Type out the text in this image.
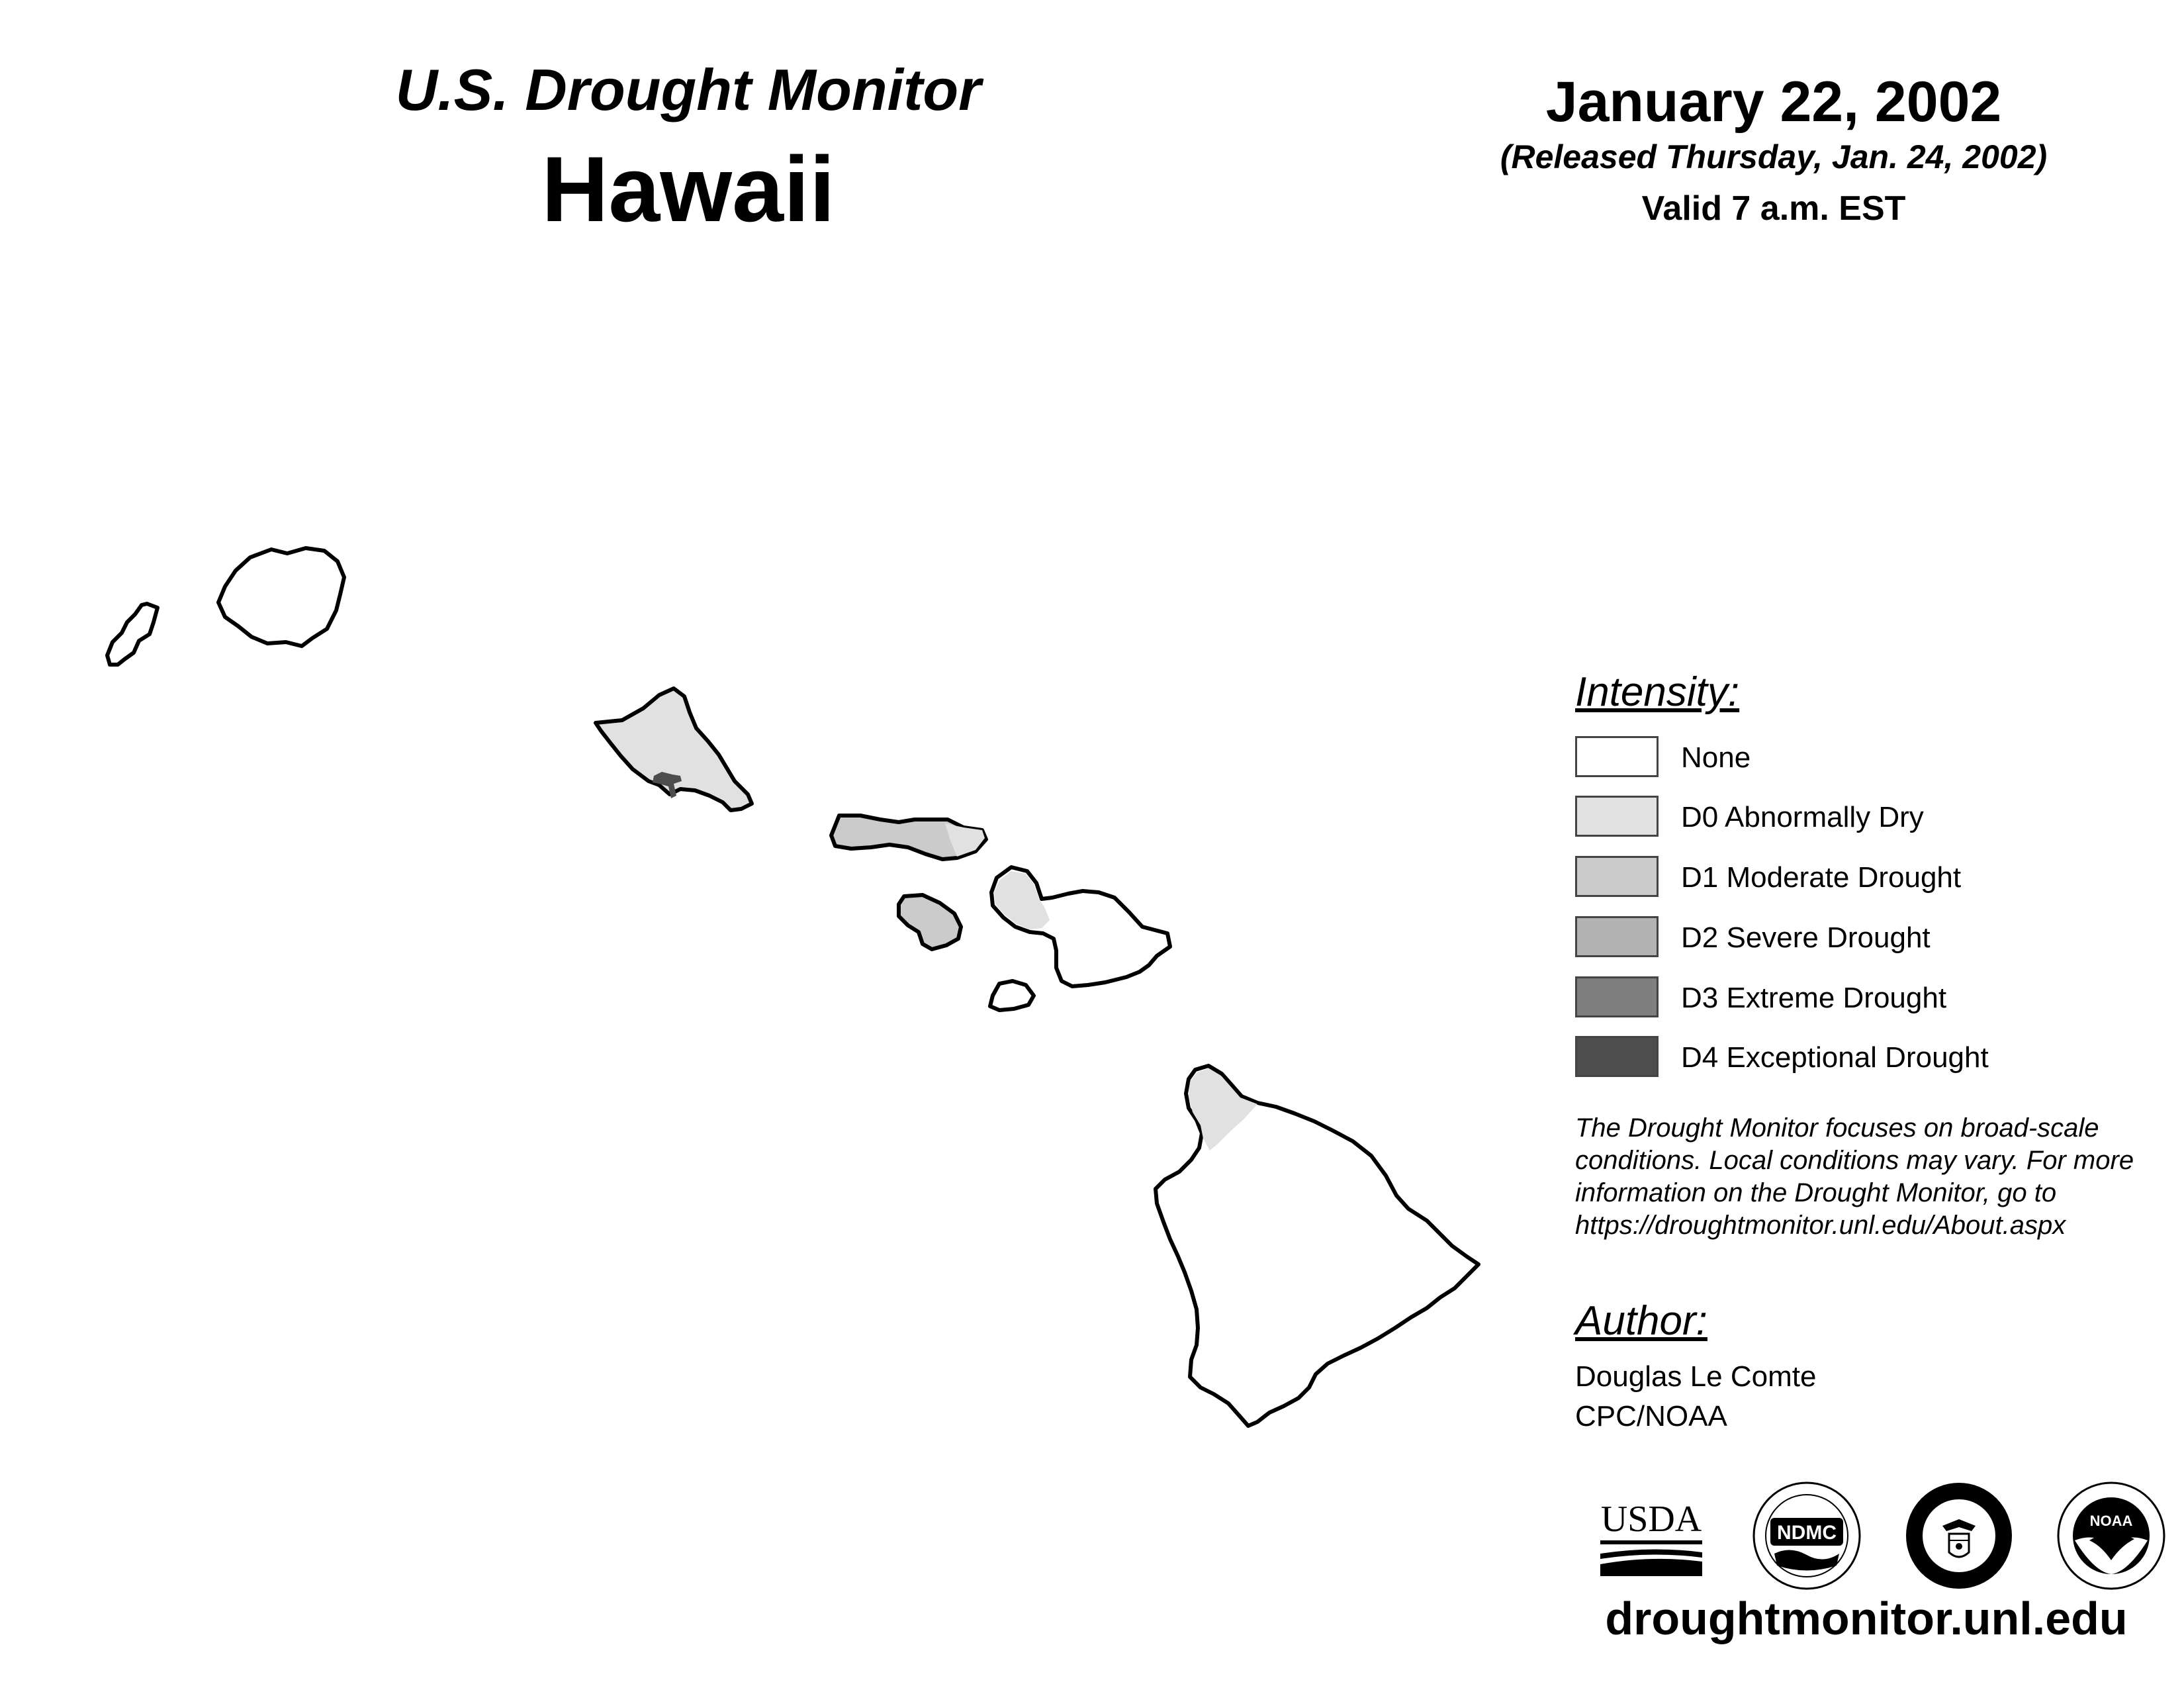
U.S. Drought Monitor
Hawaii
January 22, 2002
(Released Thursday, Jan. 24, 2002)
Valid 7 a.m. EST
Intensity:
None
D0 Abnormally Dry
D1 Moderate Drought
D2 Severe Drought
D3 Extreme Drought
D4 Exceptional Drought
The Drought Monitor focuses on broad-scale conditions. Local conditions may vary. For more information on the Drought Monitor, go to https://droughtmonitor.unl.edu/About.aspx
Author:
Douglas Le Comte
CPC/NOAA
USDA	NDMC
NOAA
droughtmonitor.unl.edu
